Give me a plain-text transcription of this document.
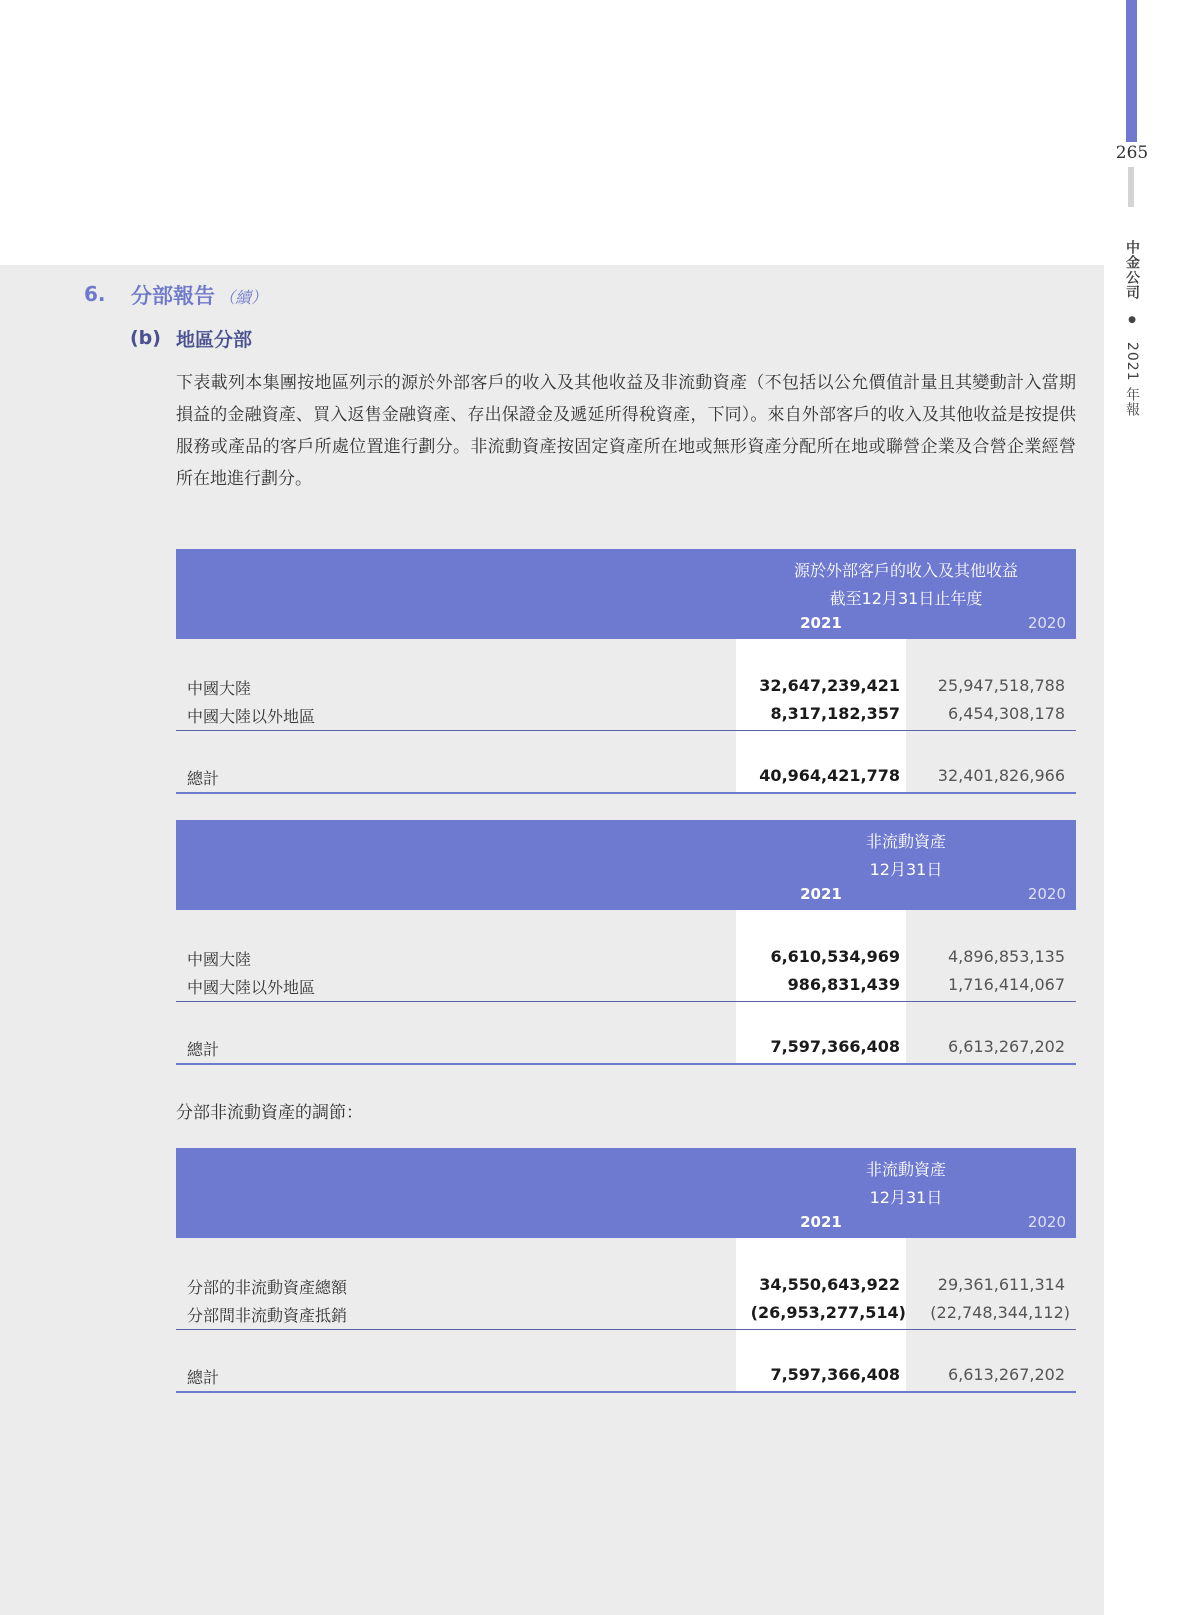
265
中金公司 ● 2021 年報
6. 分部報告 （續）
(b) 地區分部

下表載列本集團按地區列示的源於外部客戶的收入及其他收益及非流動資產（不包括以公允價值計量且其變動計入當期損益的金融資產、買入返售金融資產、存出保證金及遞延所得稅資產，下同）。來自外部客戶的收入及其他收益是按提供服務或產品的客戶所處位置進行劃分。非流動資產按固定資產所在地或無形資產分配所在地或聯營企業及合營企業經營所在地進行劃分。

源於外部客戶的收入及其他收益
截至12月31日止年度
2021	2020
中國大陸	32,647,239,421	25,947,518,788
中國大陸以外地區	8,317,182,357	6,454,308,178
總計	40,964,421,778	32,401,826,966
非流動資產
12月31日
2021	2020
中國大陸	6,610,534,969	4,896,853,135
中國大陸以外地區	986,831,439	1,716,414,067
總計	7,597,366,408	6,613,267,202
分部非流動資產的調節：
非流動資產
12月31日
2021	2020
分部的非流動資產總額	34,550,643,922	29,361,611,314
分部間非流動資產抵銷	(26,953,277,514)	(22,748,344,112)
總計	7,597,366,408	6,613,267,202
